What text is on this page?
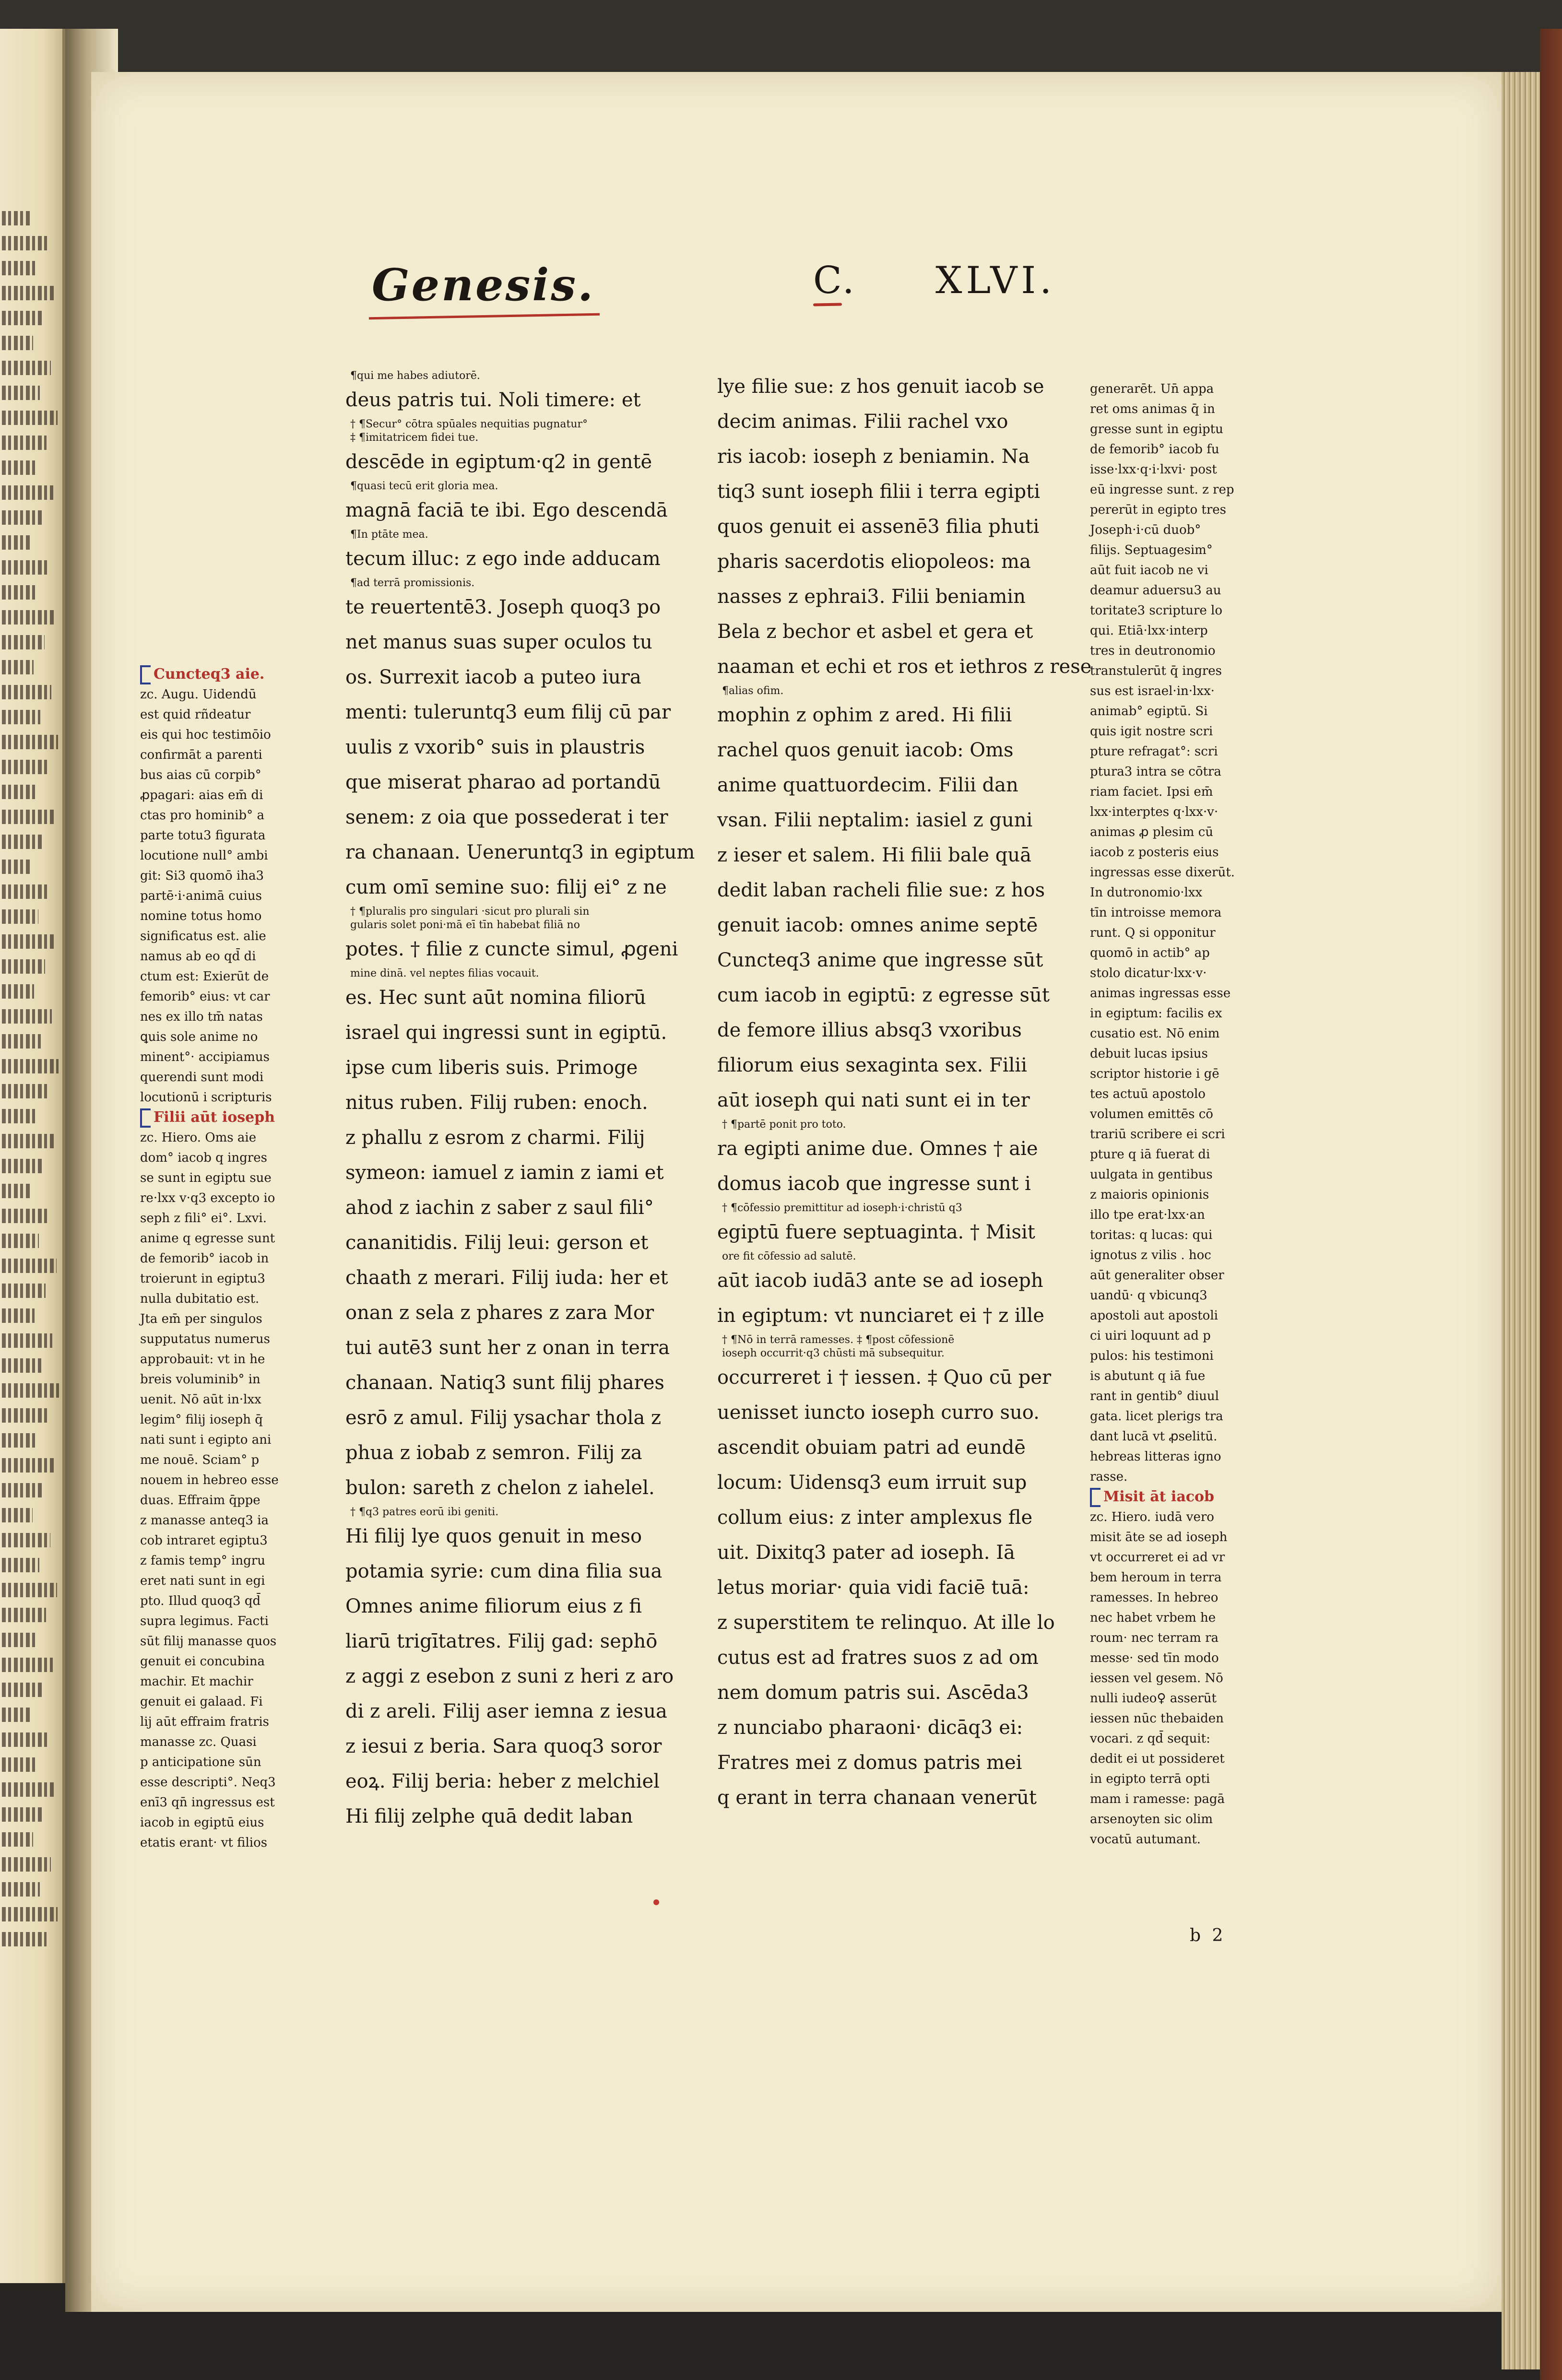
Genesis.	C. XLVI.
Cuncteq3 aie.
zc. Augu. Uidendū
est quid rñdeatur
eis qui hoc testimōio
confirmāt a parenti
bus aias cū corpib°
ꝓpagari: aias em̄ di
ctas pro hominib° a
parte totu3 figurata
locutione null° ambi
git: Si3 quomō iha3
partē·i·animā cuius
nomine totus homo
significatus est. alie
namus ab eo qd̄ di
ctum est: Exierūt de
femorib° eius: vt car
nes ex illo tm̄ natas
ꝗuis sole anime no
minent°· accipiamus
querendi sunt modi
locutionū i scripturis
Filii aūt ioseph
zc. Hiero. Oms aie
dom° iacob q ingres
se sunt in egiptu sue
re·lxx v·q3 excepto io
seph z fili° ei°. Lxvi.
anime q egresse sunt
de femorib° iacob in
troierunt in egiptu3
nulla dubitatio est.
Jta em̄ per singulos
supputatus numerus
approbauit: vt in he
breis voluminib° in
uenit. Nō aūt in·lxx
legim° filij ioseph q̄
nati sunt i egipto ani
me nouē. Sciam° p
nouem in hebreo esse
duas. Effraim q̄ppe
z manasse anteq3 ia
cob intraret egiptu3
z famis temp° ingru
eret nati sunt in egi
pto. Illud quoq3 qd̄
supra legimus. Facti
sūt filij manasse quos
genuit ei concubina
machir. Et machir
genuit ei galaad. Fi
lij aūt effraim fratris
manasse zc. Quasi
p anticipatione sūn
esse descripti°. Neq3
enī3 qn̄ ingressus est
iacob in egiptū eius
etatis erant· vt filios
¶qui me habes adiutorē.
deus patris tui. Noli timere: et
† ¶Secur° cōtra spūales nequitias pugnatur°
‡ ¶imitatricem fidei tue.
descēde in egiptum·q2 in gentē
¶quasi tecū erit gloria mea.
magnā faciā te ibi. Ego descendā
¶In ptāte mea.
tecum illuc: z ego inde adducam
¶ad terrā promissionis.
te reuertentē3. Joseph quoq3 po
net manus suas super oculos tu
os. Surrexit iacob a puteo iura
menti: tuleruntq3 eum filij cū par
uulis z vxorib° suis in plaustris
que miserat pharao ad portandū
senem: z oia que possederat i ter
ra chanaan. Ueneruntq3 in egiptum
cum omī semine suo: filij ei° z ne
† ¶pluralis pro singulari ·sicut pro plurali sin
gularis solet poni·mā eī tīn habebat filiā no
potes. † filie z cuncte simul, ꝓgeni
mine dinā. vel neptes filias vocauit.
es. Hec sunt aūt nomina filiorū
israel qui ingressi sunt in egiptū.
ipse cum liberis suis. Primoge
nitus ruben. Filij ruben: enoch.
z phallu z esrom z charmi. Filij
symeon: iamuel z iamin z iami et
ahod z iachin z saber z saul fili°
cananitidis. Filij leui: gerson et
chaath z merari. Filij iuda: her et
onan z sela z phares z zara Mor
tui autē3 sunt her z onan in terra
chanaan. Natiq3 sunt filij phares
esrō z amul. Filij ysachar thola z
phua z iobab z semron. Filij za
bulon: sareth z chelon z iahelel.
† ¶q3 patres eorū ibi geniti.
Hi filij lye quos genuit in meso
potamia syrie: cum dina filia sua
Omnes anime filiorum eius z fi
liarū trigītatres. Filij gad: sephō
z aggi z esebon z suni z heri z aro
di z areli. Filij aser iemna z iesua
z iesui z beria. Sara quoq3 soror
eoꝝ. Filij beria: heber z melchiel
Hi filij zelphe quā dedit laban
lye filie sue: z hos genuit iacob se
decim animas. Filii rachel vxo
ris iacob: ioseph z beniamin. Na
tiq3 sunt ioseph filii i terra egipti
quos genuit ei assenē3 filia phuti
pharis sacerdotis eliopoleos: ma
nasses z ephrai3. Filii beniamin
Bela z bechor et asbel et gera et
naaman et echi et ros et iethros z rese
¶alias ofim.
mophin z ophim z ared. Hi filii
rachel quos genuit iacob: Oms
anime quattuordecim. Filii dan
vsan. Filii neptalim: iasiel z guni
z ieser et salem. Hi filii bale quā
dedit laban racheli filie sue: z hos
genuit iacob: omnes anime septē
Cuncteq3 anime que ingresse sūt
cum iacob in egiptū: z egresse sūt
de femore illius absq3 vxoribus
filiorum eius sexaginta sex. Filii
aūt ioseph qui nati sunt ei in ter
† ¶partē ponit pro toto.
ra egipti anime due. Omnes † aie
domus iacob que ingresse sunt i
† ¶cōfessio premittitur ad ioseph·i·christū q3
egiptū fuere septuaginta. † Misit
ore fit cōfessio ad salutē.
aūt iacob iudā3 ante se ad ioseph
in egiptum: vt nunciaret ei † z ille
† ¶Nō in terrā ramesses. ‡ ¶post cōfessionē
ioseph occurrit·q3 chūsti mā subsequitur.
occurreret i † iessen. ‡ Quo cū per
uenisset iuncto ioseph curro suo.
ascendit obuiam patri ad eundē
locum: Uidensq3 eum irruit sup
collum eius: z inter amplexus fle
uit. Dixitq3 pater ad ioseph. Iā
letus moriar· quia vidi faciē tuā:
z superstitem te relinquo. At ille lo
cutus est ad fratres suos z ad om
nem domum patris sui. Ascēda3
z nunciabo pharaoni· dicāq3 ei:
Fratres mei z domus patris mei
q erant in terra chanaan venerūt
generarēt. Un̄ appa
ret oms animas q̄ in
gresse sunt in egiptu
de femorib° iacob fu
isse·lxx·q·i·lxvi· post
eū ingresse sunt. z rep
pererūt in egipto tres
Joseph·i·cū duob°
filijs. Septuagesim°
aūt fuit iacob ne vi
deamur aduersu3 au
toritate3 scripture lo
qui. Etiā·lxx·interp
tres in deutronomio
transtulerūt q̄ ingres
sus est israel·in·lxx·
animab° egiptū. Si
quis igit nostre scri
pture refragat°: scri
ptura3 intra se cōtra
riam faciet. Ipsi em̄
lxx·interptes q·lxx·v·
animas ꝓ plesim cū
iacob z posteris eius
ingressas esse dixerūt.
In dutronomio·lxx
tīn introisse memora
runt. Q si opponitur
quomō in actib° ap
stolo dicatur·lxx·v·
animas ingressas esse
in egiptum: facilis ex
cusatio est. Nō enim
debuit lucas ipsius
scriptor historie i gē
tes actuū apostolo
volumen emittēs cō
trariū scribere ei scri
pture q iā fuerat di
uulgata in gentibus
z maioris opinionis
illo tpe erat·lxx·an
toritas: q lucas: qui
ignotus z vilis . hoc
aūt generaliter obser
uandū· q vbicunq3
apostoli aut apostoli
ci uiri loquunt ad p
pulos: his testimoni
is abutunt q iā fue
rant in gentib° diuul
gata. licet plerigs tra
dant lucā vt ꝓselitū.
hebreas litteras igno
rasse.
Misit āt iacob
zc. Hiero. iudā vero
misit āte se ad ioseph
vt occurreret ei ad vr
bem heroum in terra
ramesses. In hebreo
nec habet vrbem he
roum· nec terram ra
messe· sed tīn modo
iessen vel gesem. Nō
nulli iudeo♀ asserūt
iessen nūc thebaiden
vocari. z qd̄ sequit:
dedit ei ut possideret
in egipto terrā opti
mam i ramesse: pagā
arsenoyten sic olim
vocatū autumant.
b 2
